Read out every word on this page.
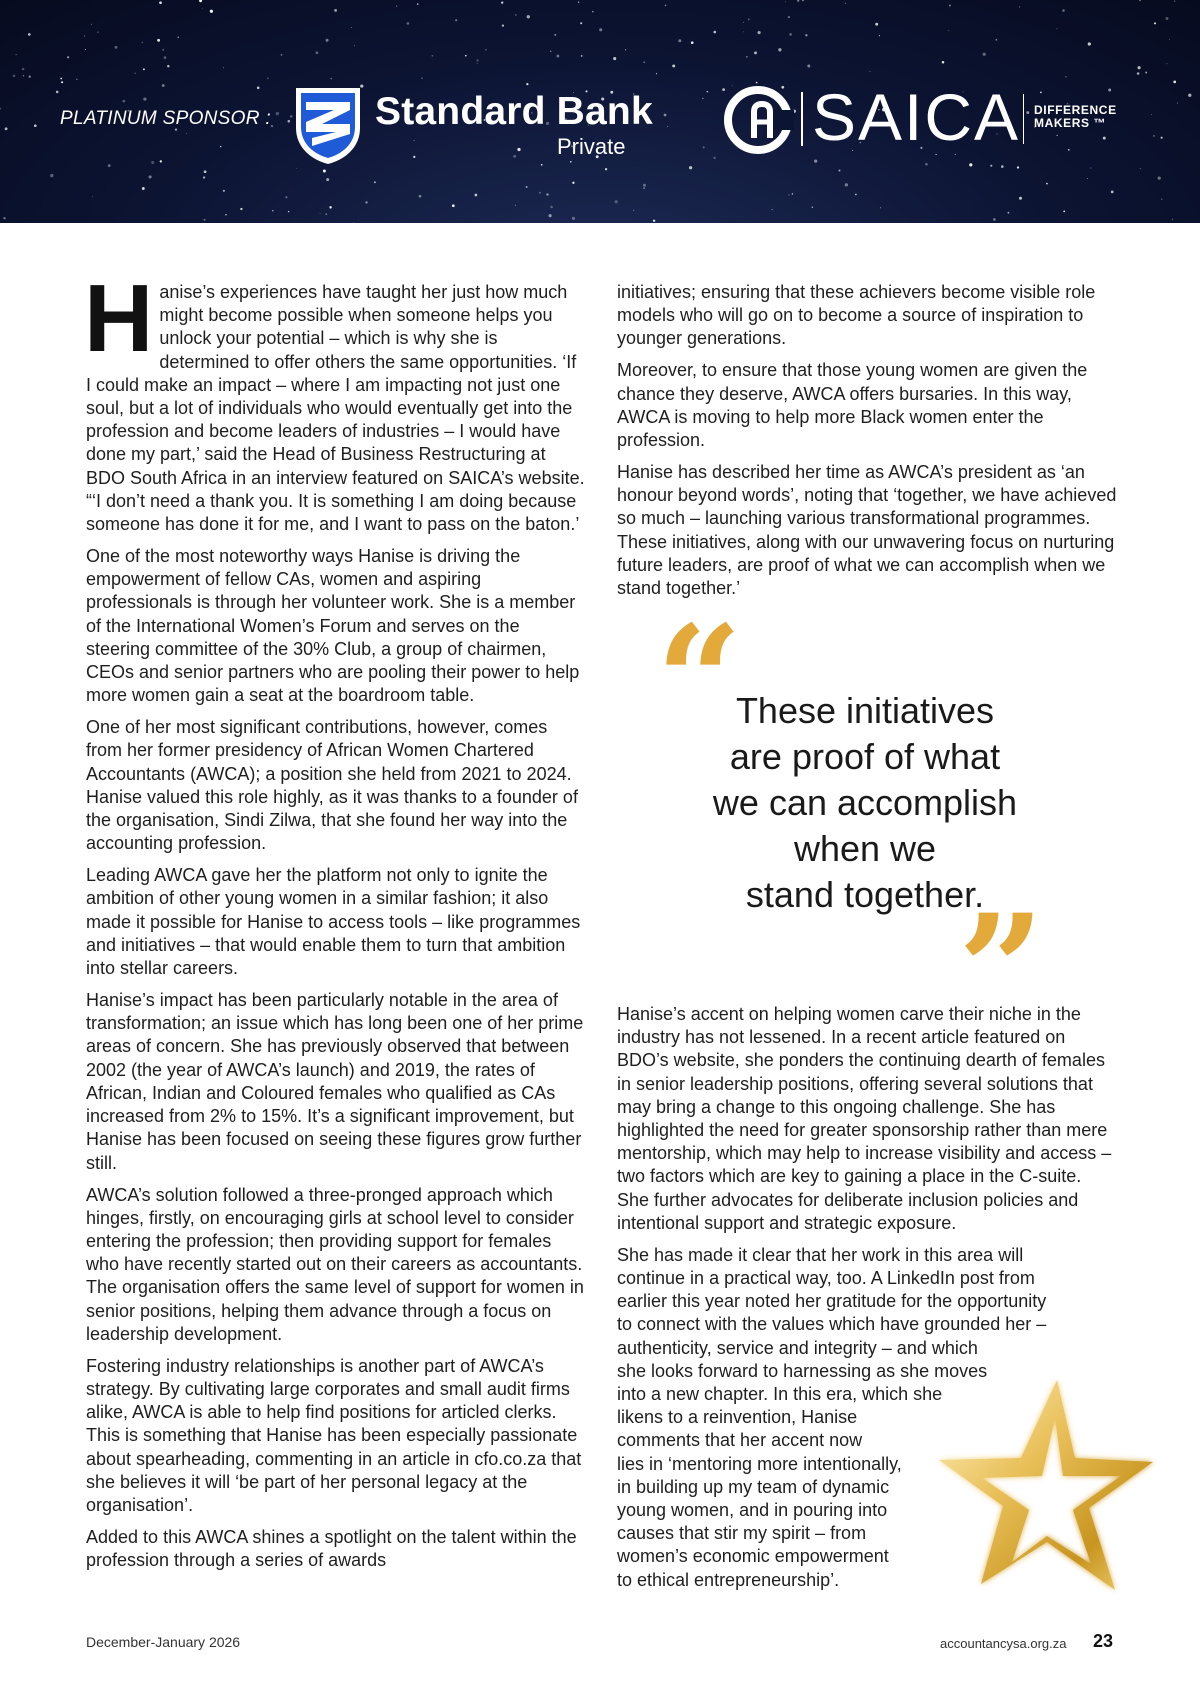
PLATINUM SPONSOR :	Standard Bank
Private	SAICA DIFFERENCE
MAKERS ™

Hanise’s experiences have taught her just how much might become possible when someone helps you unlock your potential – which is why she is determined to offer others the same opportunities. ‘If I could make an impact – where I am impacting not just one soul, but a lot of individuals who would eventually get into the profession and become leaders of industries – I would have done my part,’ said the Head of Business Restructuring at BDO South Africa in an interview featured on SAICA’s website. “‘I don’t need a thank you. It is something I am doing because someone has done it for me, and I want to pass on the baton.’

One of the most noteworthy ways Hanise is driving the empowerment of fellow CAs, women and aspiring professionals is through her volunteer work. She is a member of the International Women’s Forum and serves on the steering committee of the 30% Club, a group of chairmen, CEOs and senior partners who are pooling their power to help more women gain a seat at the boardroom table.

One of her most significant contributions, however, comes from her former presidency of African Women Chartered Accountants (AWCA); a position she held from 2021 to 2024. Hanise valued this role highly, as it was thanks to a founder of the organisation, Sindi Zilwa, that she found her way into the accounting profession.

Leading AWCA gave her the platform not only to ignite the ambition of other young women in a similar fashion; it also made it possible for Hanise to access tools – like programmes and initiatives – that would enable them to turn that ambition into stellar careers.

Hanise’s impact has been particularly notable in the area of transformation; an issue which has long been one of her prime areas of concern. She has previously observed that between 2002 (the year of AWCA’s launch) and 2019, the rates of African, Indian and Coloured females who qualified as CAs increased from 2% to 15%. It’s a significant improvement, but Hanise has been focused on seeing these figures grow further still.

AWCA’s solution followed a three-pronged approach which hinges, firstly, on encouraging girls at school level to consider entering the profession; then providing support for females who have recently started out on their careers as accountants. The organisation offers the same level of support for women in senior positions, helping them advance through a focus on leadership development.

Fostering industry relationships is another part of AWCA’s strategy. By cultivating large corporates and small audit firms alike, AWCA is able to help find positions for articled clerks. This is something that Hanise has been especially passionate about spearheading, commenting in an article in cfo.co.za that she believes it will ‘be part of her personal legacy at the organisation’.

Added to this AWCA shines a spotlight on the talent within the profession through a series of awards

initiatives; ensuring that these achievers become visible role models who will go on to become a source of inspiration to younger generations.

Moreover, to ensure that those young women are given the chance they deserve, AWCA offers bursaries. In this way, AWCA is moving to help more Black women enter the profession.

Hanise has described her time as AWCA’s president as ‘an honour beyond words’, noting that ‘together, we have achieved so much – launching various transformational programmes. These initiatives, along with our unwavering focus on nurturing future leaders, are proof of what we can accomplish when we stand together.’

“
These initiatives
are proof of what
we can accomplish
when we
stand together.
”

Hanise’s accent on helping women carve their niche in the industry has not lessened. In a recent article featured on BDO’s website, she ponders the continuing dearth of females in senior leadership positions, offering several solutions that may bring a change to this ongoing challenge. She has highlighted the need for greater sponsorship rather than mere mentorship, which may help to increase visibility and access – two factors which are key to gaining a place in the C-suite. She further advocates for deliberate inclusion policies and intentional support and strategic exposure.

She has made it clear that her work in this area will
continue in a practical way, too. A LinkedIn post from
earlier this year noted her gratitude for the opportunity
to connect with the values which have grounded her –
authenticity, service and integrity – and which
she looks forward to harnessing as she moves
into a new chapter. In this era, which she
likens to a reinvention, Hanise
comments that her accent now
lies in ‘mentoring more intentionally,
in building up my team of dynamic
young women, and in pouring into
causes that stir my spirit – from
women’s economic empowerment
to ethical entrepreneurship’.

December-January 2026	accountancysa.org.za 23
